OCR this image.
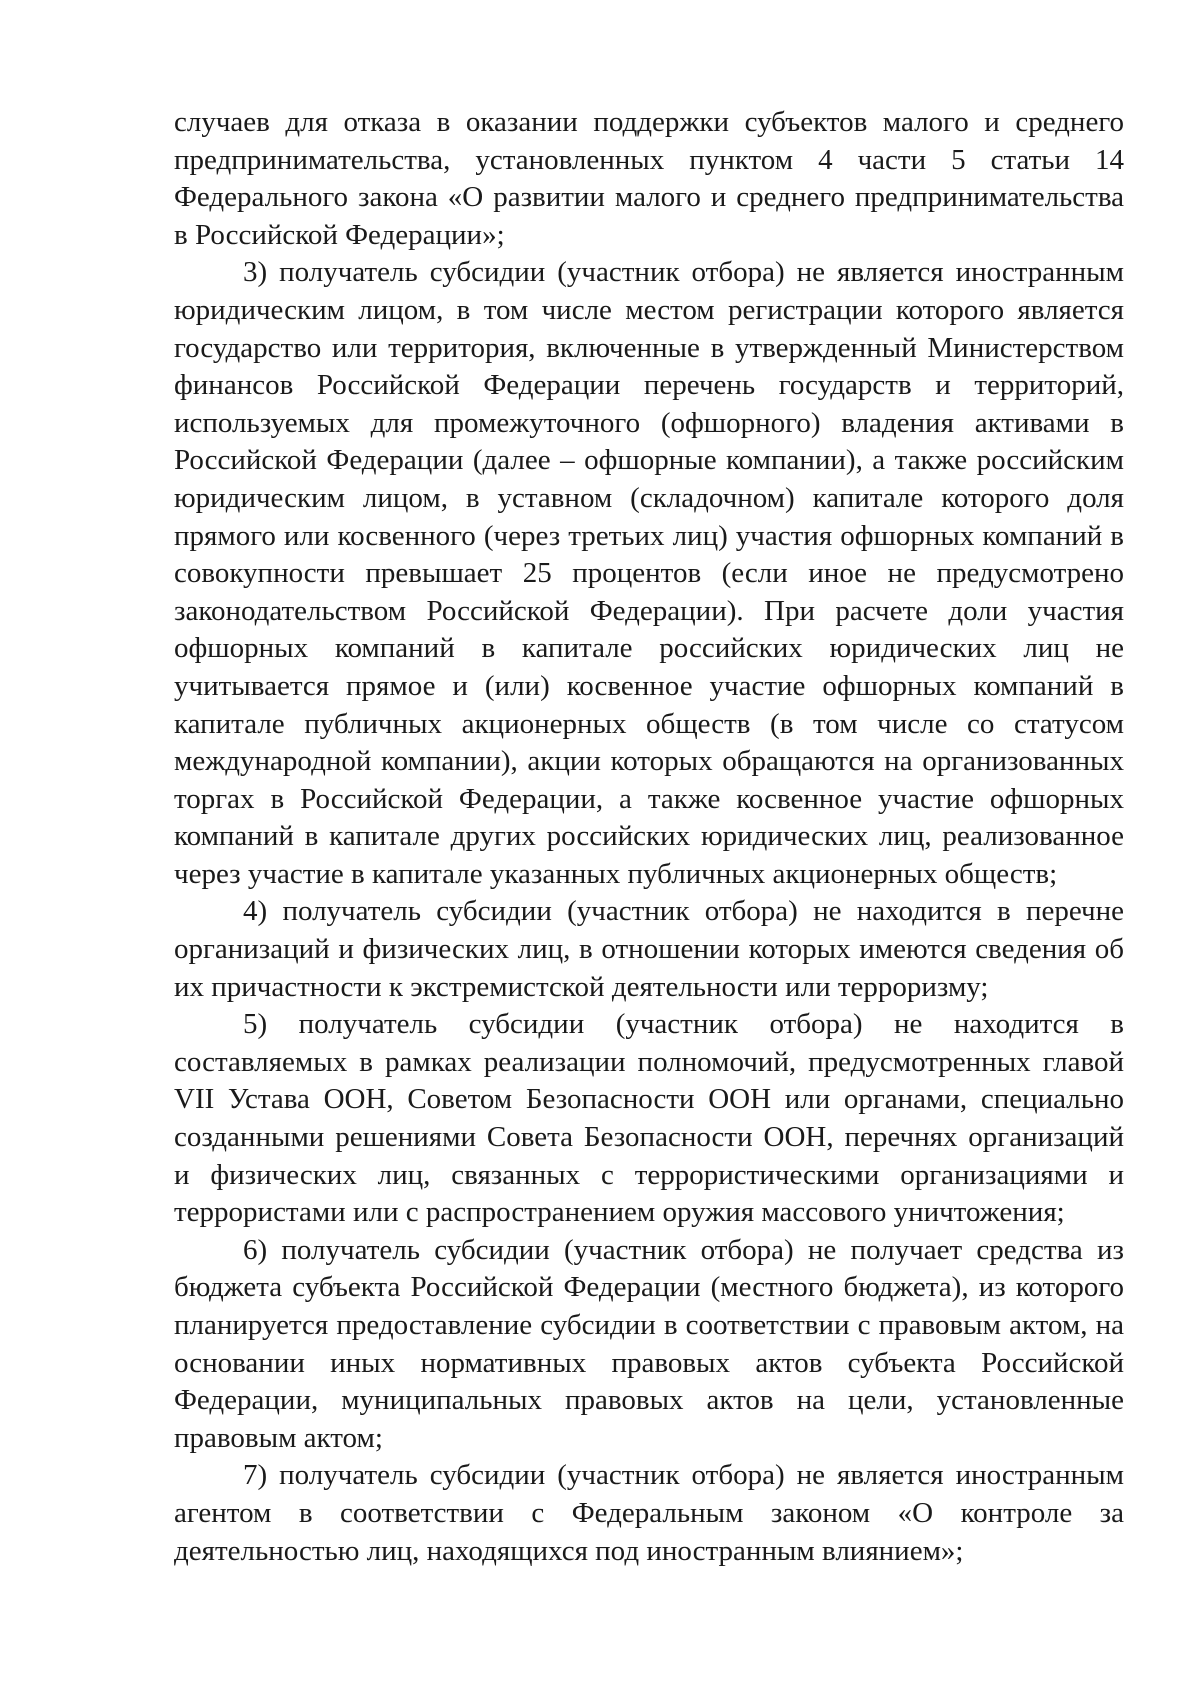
случаев для отказа в оказании поддержки субъектов малого и среднего предпринимательства, установленных пунктом 4 части 5 статьи 14 Федерального закона «О развитии малого и среднего предпринимательства в Российской Федерации»;

3) получатель субсидии (участник отбора) не является иностранным юридическим лицом, в том числе местом регистрации которого является государство или территория, включенные в утвержденный Министерством финансов Российской Федерации перечень государств и территорий, используемых для промежуточного (офшорного) владения активами в Российской Федерации (далее – офшорные компании), а также российским юридическим лицом, в уставном (складочном) капитале которого доля прямого или косвенного (через третьих лиц) участия офшорных компаний в совокупности превышает 25 процентов (если иное не предусмотрено законодательством Российской Федерации). При расчете доли участия офшорных компаний в капитале российских юридических лиц не учитывается прямое и (или) косвенное участие офшорных компаний в капитале публичных акционерных обществ (в том числе со статусом международной компании), акции которых обращаются на организованных торгах в Российской Федерации, а также косвенное участие офшорных компаний в капитале других российских юридических лиц, реализованное через участие в капитале указанных публичных акционерных обществ;

4) получатель субсидии (участник отбора) не находится в перечне организаций и физических лиц, в отношении которых имеются сведения об их причастности к экстремистской деятельности или терроризму;

5) получатель субсидии (участник отбора) не находится в составляемых в рамках реализации полномочий, предусмотренных главой VII Устава ООН, Советом Безопасности ООН или органами, специально созданными решениями Совета Безопасности ООН, перечнях организаций и физических лиц, связанных с террористическими организациями и террористами или с распространением оружия массового уничтожения;

6) получатель субсидии (участник отбора) не получает средства из бюджета субъекта Российской Федерации (местного бюджета), из которого планируется предоставление субсидии в соответствии с правовым актом, на основании иных нормативных правовых актов субъекта Российской Федерации, муниципальных правовых актов на цели, установленные правовым актом;

7) получатель субсидии (участник отбора) не является иностранным агентом в соответствии с Федеральным законом «О контроле за деятельностью лиц, находящихся под иностранным влиянием»;
